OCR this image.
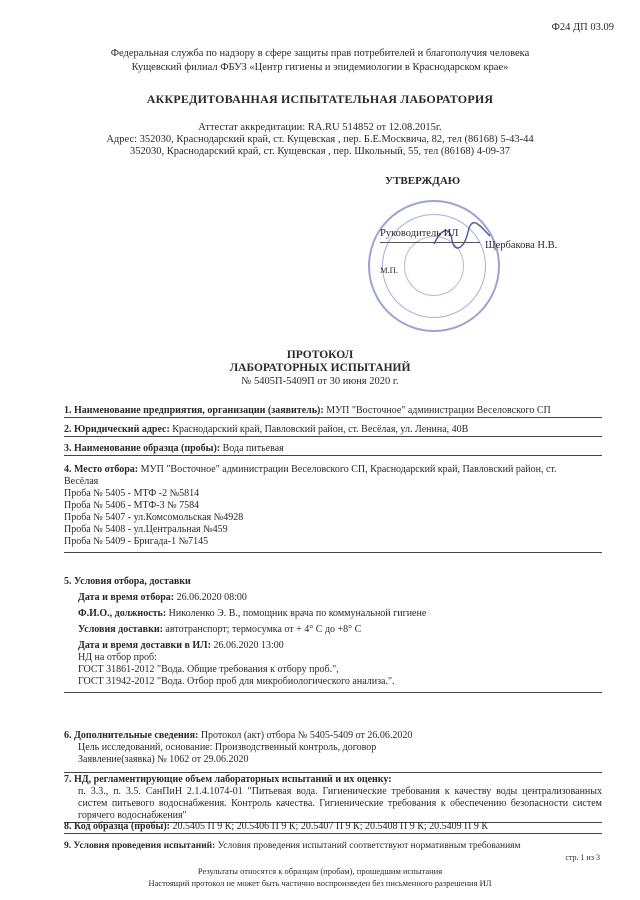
Ф24 ДП 03.09
Федеральная служба по надзору в сфере защиты прав потребителей и благополучия человека
Кущевский филиал ФБУЗ «Центр гигиены и эпидемиологии в Краснодарском крае»
АККРЕДИТОВАННАЯ ИСПЫТАТЕЛЬНАЯ ЛАБОРАТОРИЯ
Аттестат аккредитации: RA.RU 514852 от 12.08.2015г.
Адрес: 352030, Краснодарский край, ст. Кущевская , пер. Б.Е.Москвича, 82, тел (86168) 5-43-44
352030, Краснодарский край, ст. Кущевская , пер. Школьный, 55, тел (86168) 4-09-37
УТВЕРЖДАЮ
Руководитель ИЛ
Щербакова Н.В.
М.П.
ПРОТОКОЛ
ЛАБОРАТОРНЫХ ИСПЫТАНИЙ
№ 5405П-5409П от 30 июня 2020 г.
1. Наименование предприятия, организации (заявитель): МУП "Восточное" администрации Веселовского СП
2. Юридический адрес: Краснодарский край, Павловский район, ст. Весёлая, ул. Ленина, 40В
3. Наименование образца (пробы): Вода питьевая
4. Место отбора: МУП "Восточное" администрации Веселовского СП, Краснодарский край, Павловский район, ст.
Весёлая
Проба № 5405 - МТФ -2 №5814
Проба № 5406 - МТФ-3 № 7584
Проба № 5407 - ул.Комсомольская №4928
Проба № 5408 - ул.Центральная №459
Проба № 5409 - Бригада-1 №7145
5. Условия отбора, доставки
Дата и время отбора: 26.06.2020 08:00
Ф.И.О., должность: Николенко Э. В., помощник врача по коммунальной гигиене
Условия доставки: автотранспорт; термосумка от + 4° С до +8° С
Дата и время доставки в ИЛ: 26.06.2020 13:00
НД на отбор проб:
ГОСТ 31861-2012 "Вода. Общие требования к отбору проб.",
ГОСТ 31942-2012 "Вода. Отбор проб для микробиологического анализа.".
6. Дополнительные сведения: Протокол (акт) отбора № 5405-5409 от 26.06.2020
Цель исследований, основание: Производственный контроль, договор
Заявление(заявка) № 1062 от 29.06.2020
7. НД, регламентирующие объем лабораторных испытаний и их оценку:
п. 3.3., п. 3.5. СанПиН 2.1.4.1074-01 "Питьевая вода. Гигиенические требования к качеству воды централизованных систем питьевого водоснабжения. Контроль качества. Гигиенические требования к обеспечению безопасности систем горячего водоснабжения"
8. Код образца (пробы): 20.5405 П 9 К; 20.5406 П 9 К; 20.5407 П 9 К; 20.5408 П 9 К; 20.5409 П 9 К
9. Условия проведения испытаний: Условия проведения испытаний соответствуют нормативным требованиям
стр. 1 из 3
Результаты относятся к образцам (пробам), прошедшим испытания
Настоящий протокол не может быть частично воспроизведен без письменного разрешения ИЛ
